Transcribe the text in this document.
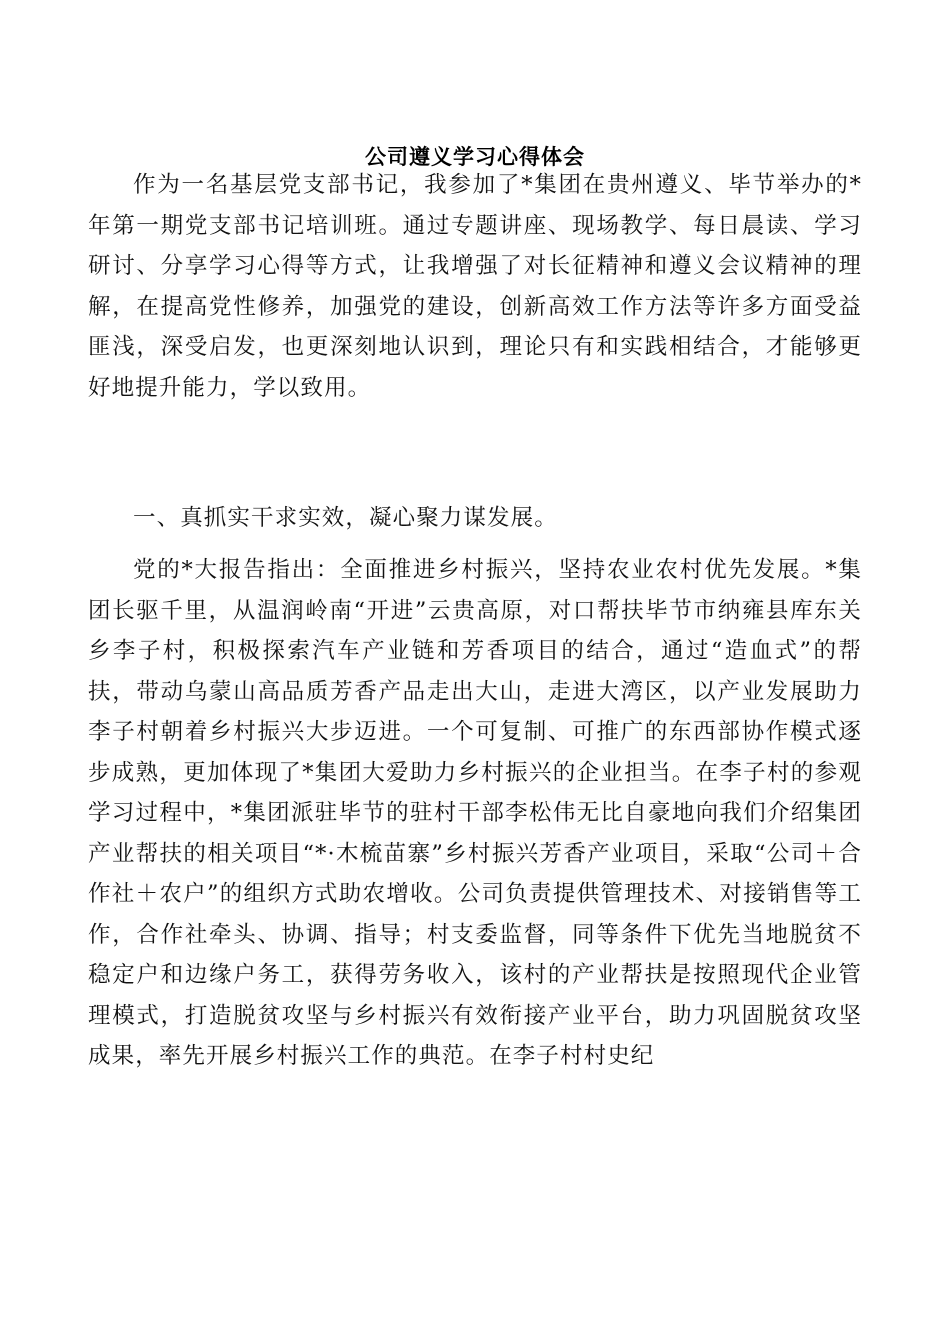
公司遵义学习心得体会

作为一名基层党支部书记，我参加了*集团在贵州遵义、毕节举办的*年第一期党支部书记培训班。通过专题讲座、现场教学、每日晨读、学习研讨、分享学习心得等方式，让我增强了对长征精神和遵义会议精神的理解，在提高党性修养，加强党的建设，创新高效工作方法等许多方面受益匪浅，深受启发，也更深刻地认识到，理论只有和实践相结合，才能够更好地提升能力，学以致用。

一、真抓实干求实效，凝心聚力谋发展。

党的*大报告指出：全面推进乡村振兴，坚持农业农村优先发展。*集团长驱千里，从温润岭南“开进”云贵高原，对口帮扶毕节市纳雍县库东关乡李子村，积极探索汽车产业链和芳香项目的结合，通过“造血式”的帮扶，带动乌蒙山高品质芳香产品走出大山，走进大湾区，以产业发展助力李子村朝着乡村振兴大步迈进。一个可复制、可推广的东西部协作模式逐步成熟，更加体现了*集团大爱助力乡村振兴的企业担当。在李子村的参观学习过程中，*集团派驻毕节的驻村干部李松伟无比自豪地向我们介绍集团产业帮扶的相关项目“*·木梳苗寨”乡村振兴芳香产业项目，采取“公司＋合作社＋农户”的组织方式助农增收。公司负责提供管理技术、对接销售等工作，合作社牵头、协调、指导；村支委监督，同等条件下优先当地脱贫不稳定户和边缘户务工，获得劳务收入，该村的产业帮扶是按照现代企业管理模式，打造脱贫攻坚与乡村振兴有效衔接产业平台，助力巩固脱贫攻坚成果，率先开展乡村振兴工作的典范。在李子村村史纪
